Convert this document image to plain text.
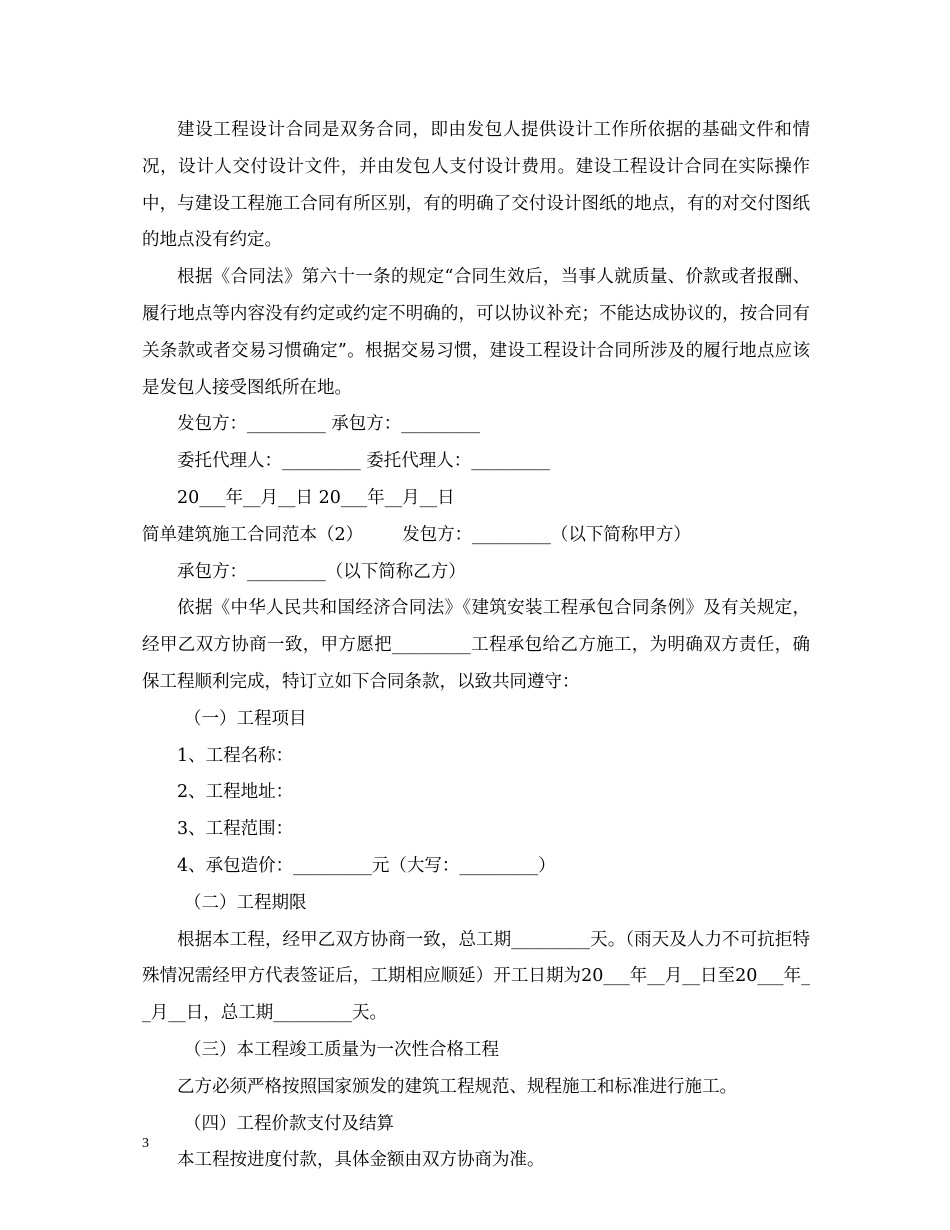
建设工程设计合同是双务合同，即由发包人提供设计工作所依据的基础文件和情况，设计人交付设计文件，并由发包人支付设计费用。建设工程设计合同在实际操作中，与建设工程施工合同有所区别，有的明确了交付设计图纸的地点，有的对交付图纸的地点没有约定。

根据《合同法》第六十一条的规定“合同生效后，当事人就质量、价款或者报酬、履行地点等内容没有约定或约定不明确的，可以协议补充；不能达成协议的，按合同有关条款或者交易习惯确定”。根据交易习惯，建设工程设计合同所涉及的履行地点应该是发包人接受图纸所在地。

发包方：_________ 承包方：_________

委托代理人：_________ 委托代理人：_________

20___年__月__日 20___年__月__日

简单建筑施工合同范本（2）       发包方：_________（以下简称甲方）

承包方：_________（以下简称乙方）

依据《中华人民共和国经济合同法》《建筑安装工程承包合同条例》及有关规定，经甲乙双方协商一致，甲方愿把_________工程承包给乙方施工，为明确双方责任，确保工程顺利完成，特订立如下合同条款，以致共同遵守：

（一）工程项目

1、工程名称：

2、工程地址：

3、工程范围：

4、承包造价：_________元（大写：_________）

（二）工程期限

根据本工程，经甲乙双方协商一致，总工期_________天。（雨天及人力不可抗拒特殊情况需经甲方代表签证后，工期相应顺延）开工日期为20___年__月__日至20___年__月__日，总工期_________天。

（三）本工程竣工质量为一次性合格工程

乙方必须严格按照国家颁发的建筑工程规范、规程施工和标准进行施工。

（四）工程价款支付及结算

本工程按进度付款，具体金额由双方协商为准。

3
